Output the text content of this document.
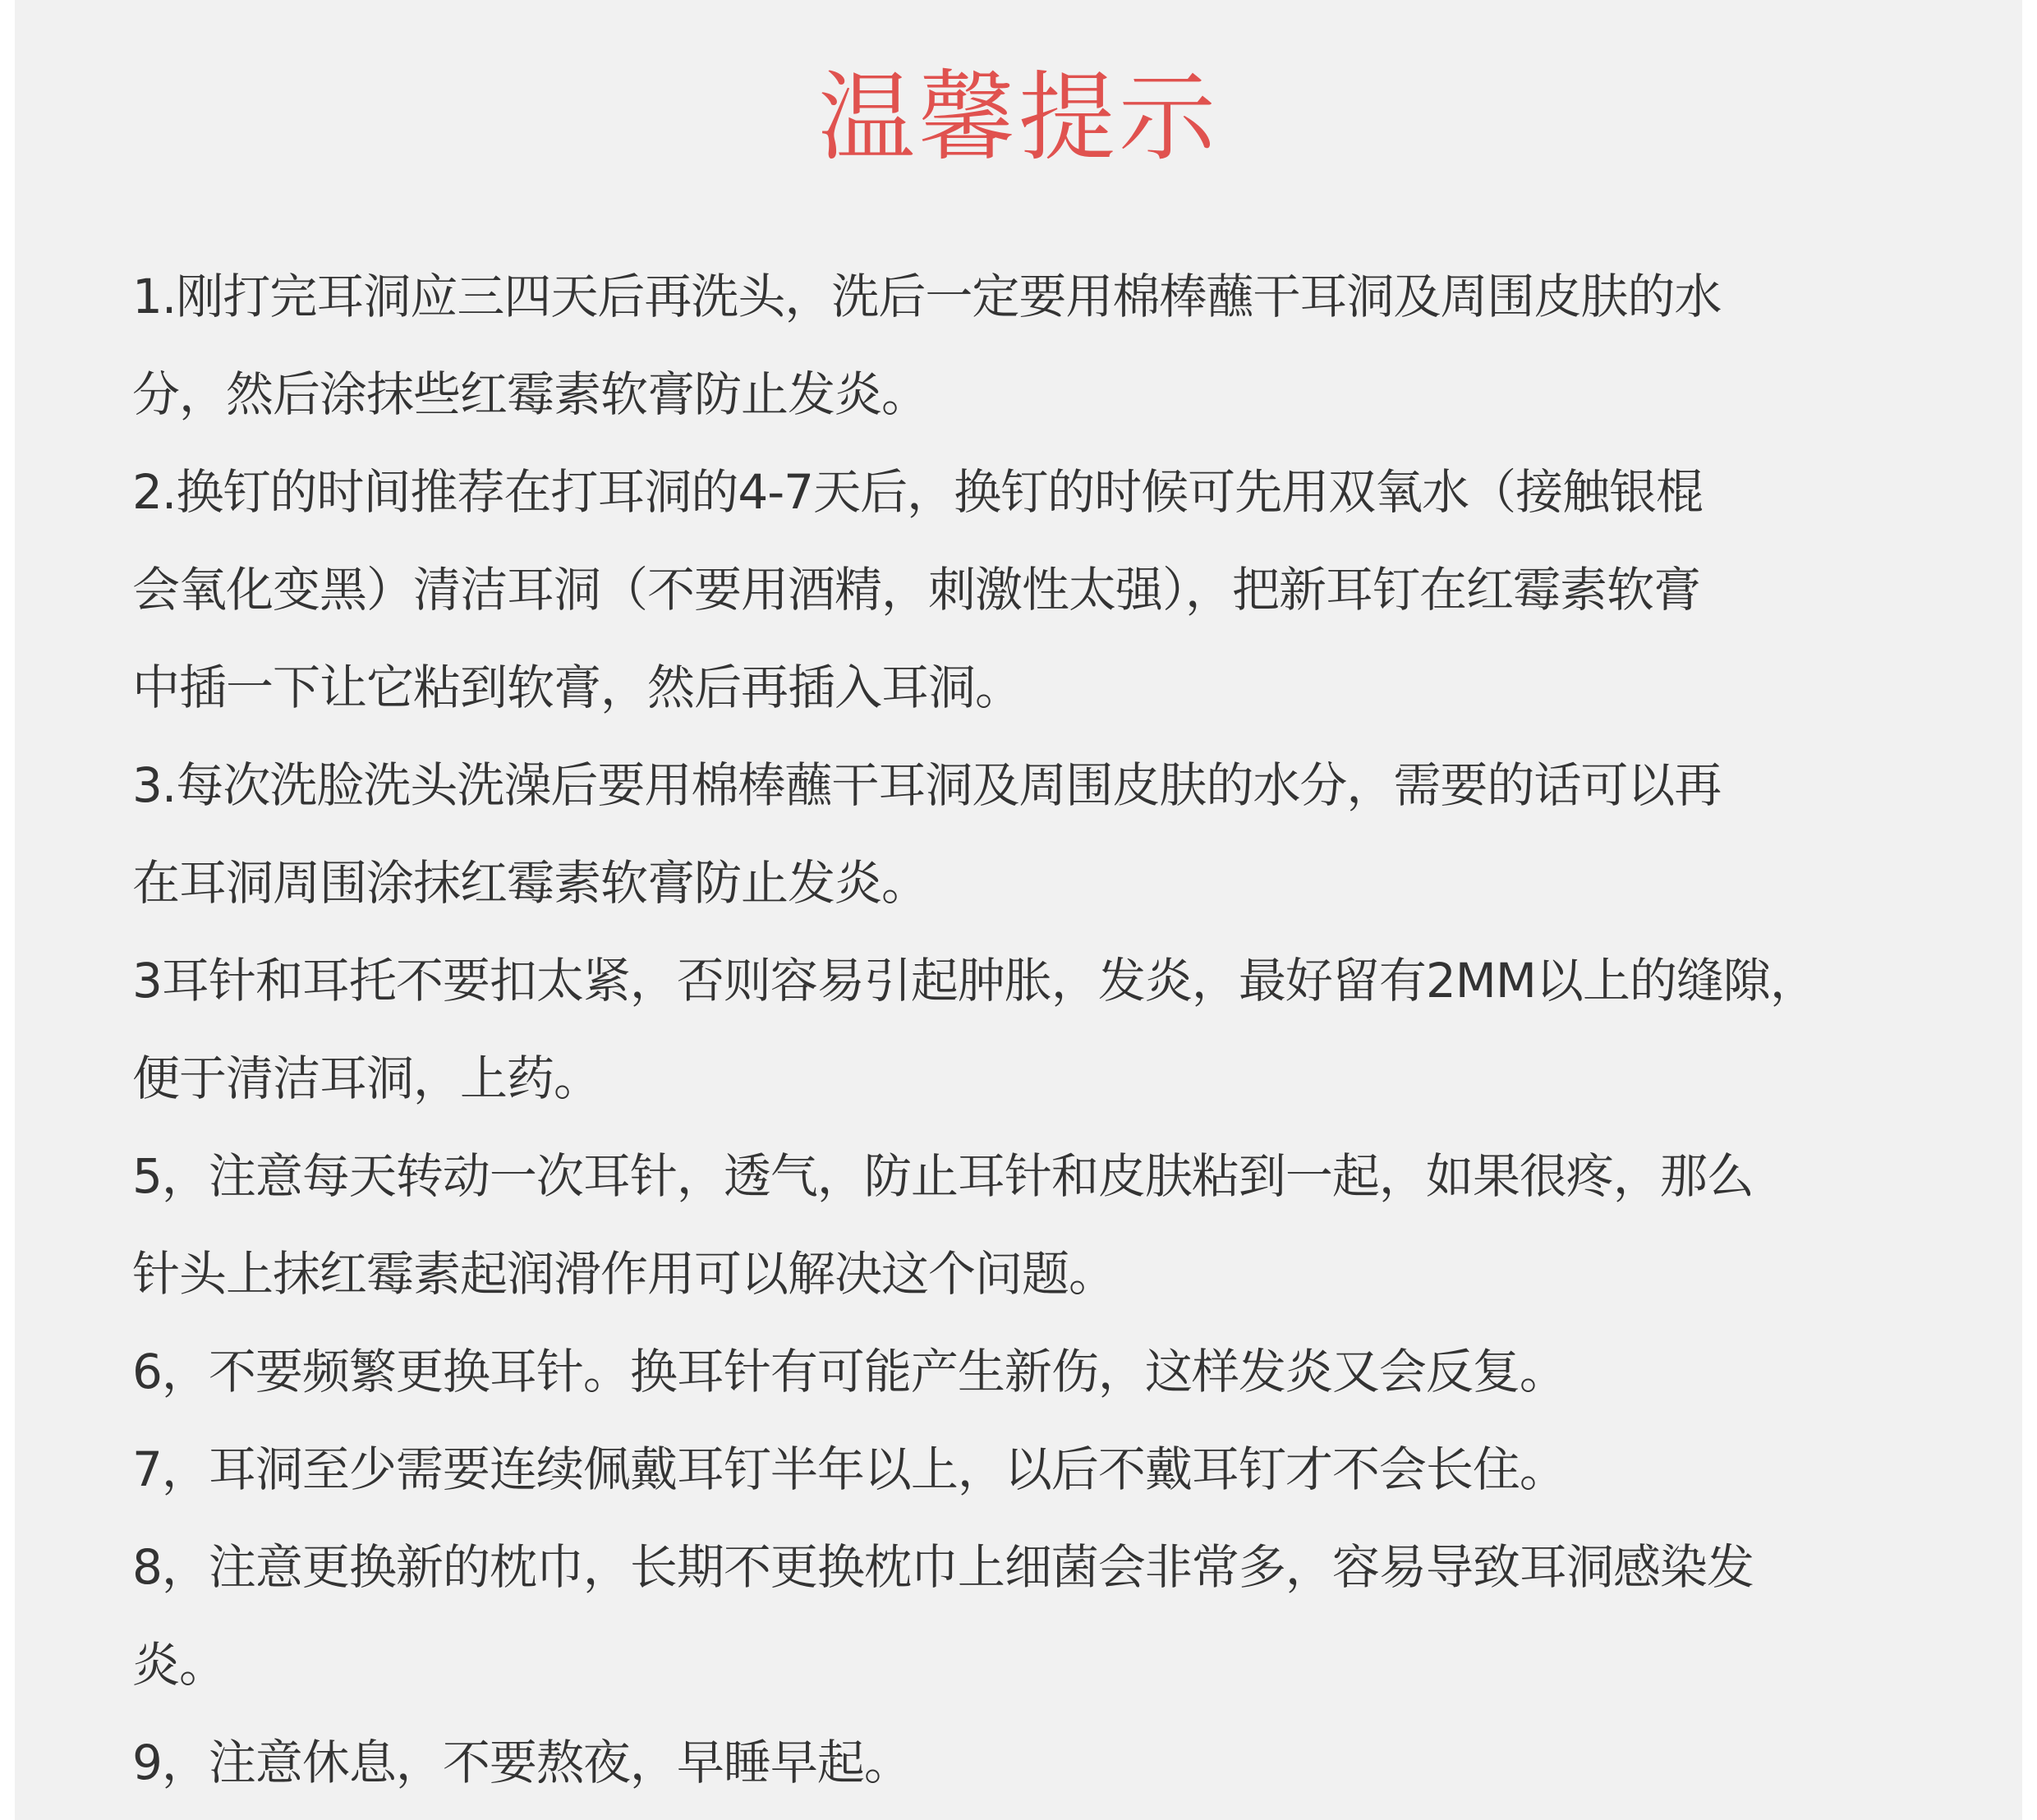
温馨提示
1.刚打完耳洞应三四天后再洗头，洗后一定要用棉棒蘸干耳洞及周围皮肤的水
分，然后涂抹些红霉素软膏防止发炎。
2.换钉的时间推荐在打耳洞的4-7天后，换钉的时候可先用双氧水（接触银棍
会氧化变黑）清洁耳洞（不要用酒精，刺激性太强），把新耳钉在红霉素软膏
中插一下让它粘到软膏，然后再插入耳洞。
3.每次洗脸洗头洗澡后要用棉棒蘸干耳洞及周围皮肤的水分，需要的话可以再
在耳洞周围涂抹红霉素软膏防止发炎。
3耳针和耳托不要扣太紧，否则容易引起肿胀，发炎，最好留有2MM以上的缝隙，
便于清洁耳洞，上药。
5，注意每天转动一次耳针，透气，防止耳针和皮肤粘到一起，如果很疼，那么
针头上抹红霉素起润滑作用可以解决这个问题。
6，不要频繁更换耳针。换耳针有可能产生新伤，这样发炎又会反复。
7，耳洞至少需要连续佩戴耳钉半年以上，以后不戴耳钉才不会长住。
8，注意更换新的枕巾，长期不更换枕巾上细菌会非常多，容易导致耳洞感染发
炎。
9，注意休息，不要熬夜，早睡早起。
